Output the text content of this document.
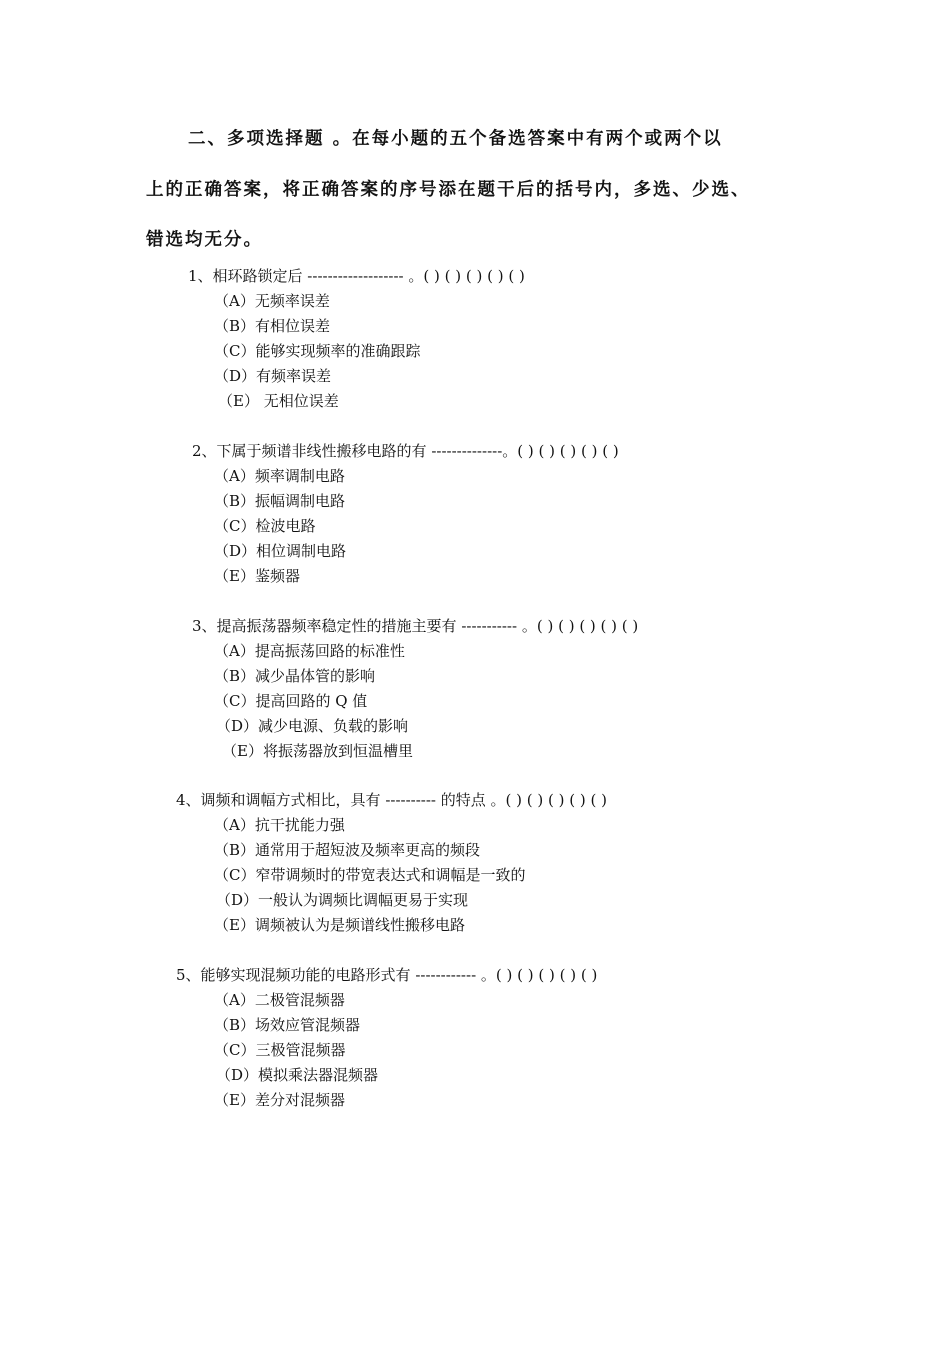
二、多项选择题 。在每小题的五个备选答案中有两个或两个以
上的正确答案，将正确答案的序号添在题干后的括号内，多选、少选、
错选均无分。
1、相环路锁定后 ------------------- 。( ) ( ) ( ) ( ) ( )
（A）无频率误差
（B）有相位误差
（C）能够实现频率的准确跟踪
（D）有频率误差
（E） 无相位误差
2、下属于频谱非线性搬移电路的有 --------------。( ) ( ) ( ) ( ) ( )
（A）频率调制电路
（B）振幅调制电路
（C）检波电路
（D）相位调制电路
（E）鉴频器
3、提高振荡器频率稳定性的措施主要有 ----------- 。( ) ( ) ( ) ( ) ( )
（A）提高振荡回路的标准性
（B）减少晶体管的影响
（C）提高回路的 Q 值
（D）减少电源、负载的影响
（E）将振荡器放到恒温槽里
4、调频和调幅方式相比，具有 ---------- 的特点 。( ) ( ) ( ) ( ) ( )
（A）抗干扰能力强
（B）通常用于超短波及频率更高的频段
（C）窄带调频时的带宽表达式和调幅是一致的
（D）一般认为调频比调幅更易于实现
（E）调频被认为是频谱线性搬移电路
5、能够实现混频功能的电路形式有 ------------ 。( ) ( ) ( ) ( ) ( )
（A）二极管混频器
（B）场效应管混频器
（C）三极管混频器
（D）模拟乘法器混频器
（E）差分对混频器
